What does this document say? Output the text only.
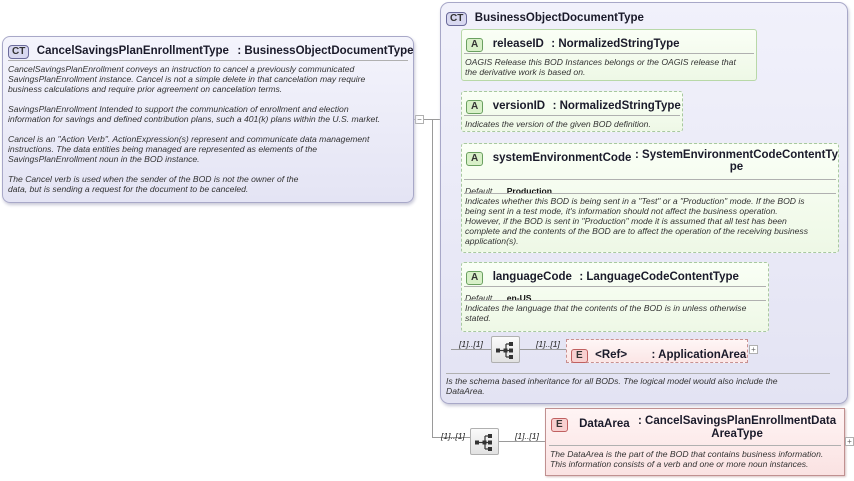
−
CT CancelSavingsPlanEnrollmentType : BusinessObjectDocumentType
CancelSavingsPlanEnrollment conveys an instruction to cancel a previously communicated
SavingsPlanEnrollment instance. Cancel is not a simple delete in that cancelation may require
business calculations and require prior agreement on cancelation terms.

SavingsPlanEnrollment Intended to support the communication of enrollment and election
information for savings and defined contribution plans, such a 401(k) plans within the U.S. market.

Cancel is an "Action Verb". ActionExpression(s) represent and communicate data management
instructions. The data entities being managed are represented as elements of the
SavingsPlanEnrollment noun in the BOD instance.

The Cancel verb is used when the sender of the BOD is not the owner of the
data, but is sending a request for the document to be canceled.
CT BusinessObjectDocumentType
A releaseID : NormalizedStringType
OAGIS Release this BOD Instances belongs or the OAGIS release that
the derivative work is based on.
A versionID : NormalizedStringType
Indicates the version of the given BOD definition.
A systemEnvironmentCode : SystemEnvironmentCodeContentTy
pe
Default Production
Indicates whether this BOD is being sent in a "Test" or a "Production" mode. If the BOD is
being sent in a test mode, it's information should not affect the business operation.
However, if the BOD is sent in "Production" mode it is assumed that all test has been
complete and the contents of the BOD are to affect the operation of the receiving business
application(s).
A languageCode : LanguageCodeContentType
Default en-US
Indicates the language that the contents of the BOD is in unless otherwise
stated.
[1]..[1]	[1]..[1]
E <Ref> : ApplicationArea +
Is the schema based inheritance for all BODs. The logical model would also include the
DataArea.
[1]..[1]	[1]..[1]
E DataArea : CancelSavingsPlanEnrollmentData
AreaType
The DataArea is the part of the BOD that contains business information.
This information consists of a verb and one or more noun instances.
+
